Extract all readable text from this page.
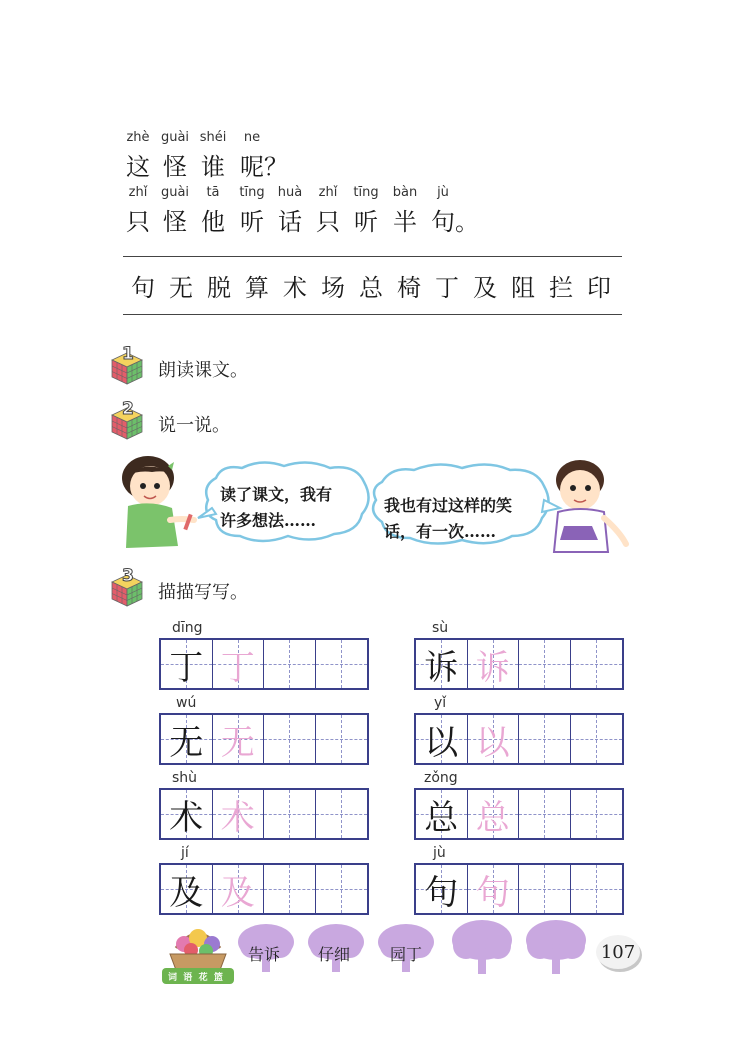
zhè guài shéi ne
这 怪 谁 呢？
zhǐ guài tā tīng huà zhǐ tīng bàn jù
只 怪 他 听 话 只 听 半 句。
句 无 脱 算 术 场 总 椅 丁 及 阻 拦 印
1
朗读课文。
2
说一说。
读了课文，我有
许多想法……
我也有过这样的笑
话，有一次……
3
描描写写。
dīng
丁 丁
sù
诉 诉
wú
无 无
yǐ
以 以
shù
术 术
zǒng
总 总
jí
及 及
jù
句 句
词 语 花 篮
告诉 仔细 园丁	107
